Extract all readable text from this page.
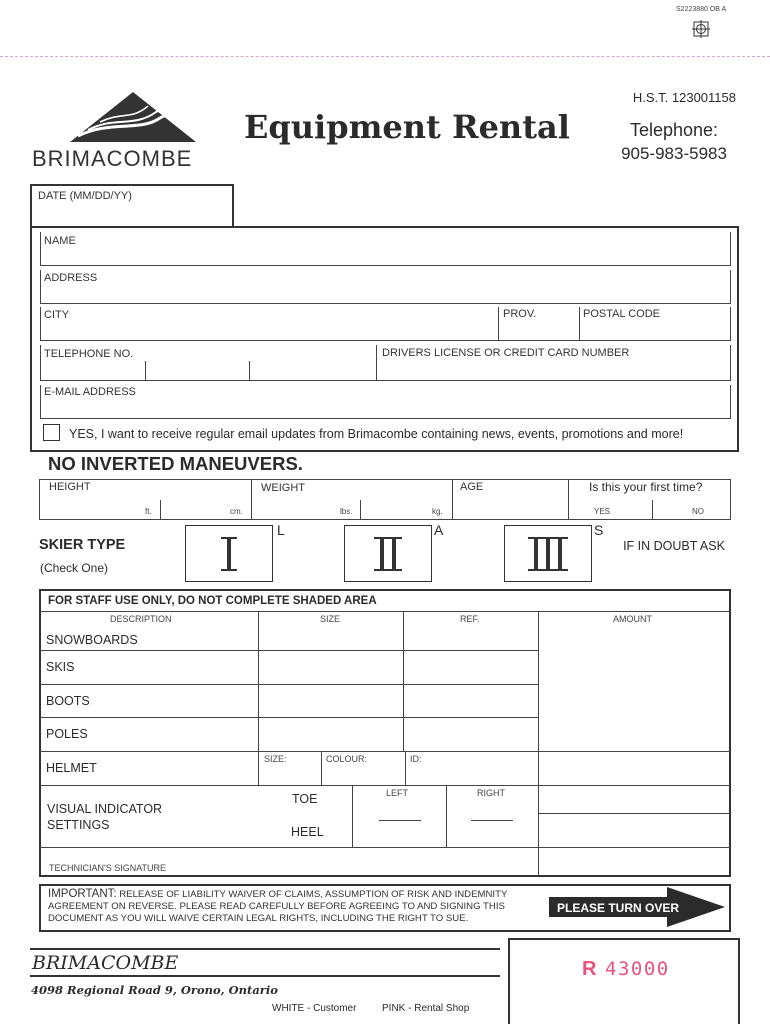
S2223880 OB A
BRIMACOMBE
Equipment Rental
H.S.T. 123001158
Telephone:
905-983-5983
DATE (MM/DD/YY)
NAME
ADDRESS
CITY	PROV.	POSTAL CODE
TELEPHONE NO.	DRIVERS LICENSE OR CREDIT CARD NUMBER
E-MAIL ADDRESS
YES, I want to receive regular email updates from Brimacombe containing news, events, promotions and more!
NO INVERTED MANEUVERS.
HEIGHT
ft.	cm.
WEIGHT
lbs.	kg.
AGE	Is this your first time?
YES	NO
SKIER TYPE
(Check One)
L	A	S
IF IN DOUBT ASK
FOR STAFF USE ONLY, DO NOT COMPLETE SHADED AREA
DESCRIPTION	SIZE	REF.	AMOUNT
SNOWBOARDS
SKIS
BOOTS
POLES
HELMET
SIZE:	COLOUR:	ID:
VISUAL INDICATOR SETTINGS
TOE
HEEL
LEFT	RIGHT
TECHNICIAN'S SIGNATURE
IMPORTANT: RELEASE OF LIABILITY WAIVER OF CLAIMS, ASSUMPTION OF RISK AND INDEMNITY AGREEMENT ON REVERSE. PLEASE READ CAREFULLY BEFORE AGREEING TO AND SIGNING THIS DOCUMENT AS YOU WILL WAIVE CERTAIN LEGAL RIGHTS, INCLUDING THE RIGHT TO SUE.
PLEASE TURN OVER
BRIMACOMBE
4098 Regional Road 9, Orono, Ontario
R 43000
WHITE - Customer	PINK - Rental Shop
